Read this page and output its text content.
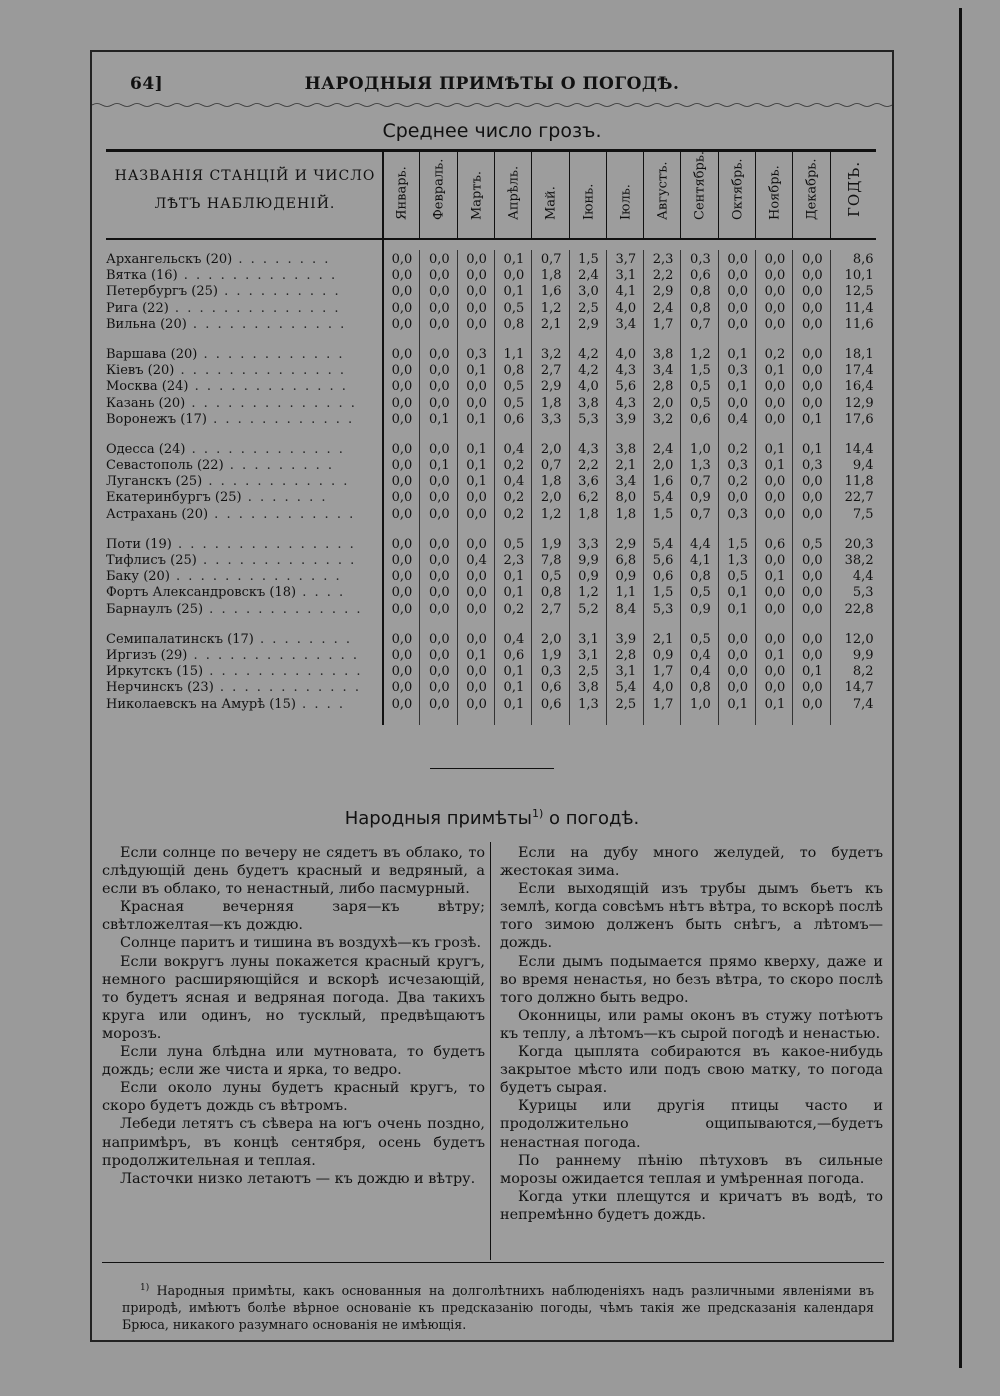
64]	НАРОДНЫЯ ПРИМѢТЫ О ПОГОДѢ.
Среднее число грозъ.
НАЗВАНІЯ СТАНЦІЙ И ЧИСЛО
ЛѢТЪ НАБЛЮДЕНІЙ.	Январь. Февраль. Мартъ. Апрѣль. Май. Іюнь. Іюль. Августъ. Сентябрь. Октябрь. Ноябрь. Декабрь. ГОДЪ.
Архангельскъ (20) . . . . . . . .	0,0	0,0	0,0	0,1	0,7	1,5	3,7	2,3	0,3	0,0	0,0	0,0	8,6
Вятка (16) . . . . . . . . . . . . .	0,0	0,0	0,0	0,0	1,8	2,4	3,1	2,2	0,6	0,0	0,0	0,0	10,1
Петербургъ (25) . . . . . . . . . .	0,0	0,0	0,0	0,1	1,6	3,0	4,1	2,9	0,8	0,0	0,0	0,0	12,5
Рига (22) . . . . . . . . . . . . . .	0,0	0,0	0,0	0,5	1,2	2,5	4,0	2,4	0,8	0,0	0,0	0,0	11,4
Вильна (20) . . . . . . . . . . . . .	0,0	0,0	0,0	0,8	2,1	2,9	3,4	1,7	0,7	0,0	0,0	0,0	11,6
Варшава (20) . . . . . . . . . . . .	0,0	0,0	0,3	1,1	3,2	4,2	4,0	3,8	1,2	0,1	0,2	0,0	18,1
Кіевъ (20) . . . . . . . . . . . . . .	0,0	0,0	0,1	0,8	2,7	4,2	4,3	3,4	1,5	0,3	0,1	0,0	17,4
Москва (24) . . . . . . . . . . . . .	0,0	0,0	0,0	0,5	2,9	4,0	5,6	2,8	0,5	0,1	0,0	0,0	16,4
Казань (20) . . . . . . . . . . . . . .	0,0	0,0	0,0	0,5	1,8	3,8	4,3	2,0	0,5	0,0	0,0	0,0	12,9
Воронежъ (17) . . . . . . . . . . . .	0,0	0,1	0,1	0,6	3,3	5,3	3,9	3,2	0,6	0,4	0,0	0,1	17,6
Одесса (24) . . . . . . . . . . . . .	0,0	0,0	0,1	0,4	2,0	4,3	3,8	2,4	1,0	0,2	0,1	0,1	14,4
Севастополь (22) . . . . . . . . .	0,0	0,1	0,1	0,2	0,7	2,2	2,1	2,0	1,3	0,3	0,1	0,3	9,4
Луганскъ (25) . . . . . . . . . . . .	0,0	0,0	0,1	0,4	1,8	3,6	3,4	1,6	0,7	0,2	0,0	0,0	11,8
Екатеринбургъ (25) . . . . . . .	0,0	0,0	0,0	0,2	2,0	6,2	8,0	5,4	0,9	0,0	0,0	0,0	22,7
Астрахань (20) . . . . . . . . . . . .	0,0	0,0	0,0	0,2	1,2	1,8	1,8	1,5	0,7	0,3	0,0	0,0	7,5
Поти (19) . . . . . . . . . . . . . . .	0,0	0,0	0,0	0,5	1,9	3,3	2,9	5,4	4,4	1,5	0,6	0,5	20,3
Тифлисъ (25) . . . . . . . . . . . . .	0,0	0,0	0,4	2,3	7,8	9,9	6,8	5,6	4,1	1,3	0,0	0,0	38,2
Баку (20) . . . . . . . . . . . . . .	0,0	0,0	0,0	0,1	0,5	0,9	0,9	0,6	0,8	0,5	0,1	0,0	4,4
Фортъ Александровскъ (18) . . . .	0,0	0,0	0,0	0,1	0,8	1,2	1,1	1,5	0,5	0,1	0,0	0,0	5,3
Барнаулъ (25) . . . . . . . . . . . . .	0,0	0,0	0,0	0,2	2,7	5,2	8,4	5,3	0,9	0,1	0,0	0,0	22,8
Семипалатинскъ (17) . . . . . . . .	0,0	0,0	0,0	0,4	2,0	3,1	3,9	2,1	0,5	0,0	0,0	0,0	12,0
Иргизъ (29) . . . . . . . . . . . . . .	0,0	0,0	0,1	0,6	1,9	3,1	2,8	0,9	0,4	0,0	0,1	0,0	9,9
Иркутскъ (15) . . . . . . . . . . . . .	0,0	0,0	0,0	0,1	0,3	2,5	3,1	1,7	0,4	0,0	0,0	0,1	8,2
Нерчинскъ (23) . . . . . . . . . . . .	0,0	0,0	0,0	0,1	0,6	3,8	5,4	4,0	0,8	0,0	0,0	0,0	14,7
Николаевскъ на Амурѣ (15) . . . .	0,0	0,0	0,0	0,1	0,6	1,3	2,5	1,7	1,0	0,1	0,1	0,0	7,4
Народныя примѣты$^{1)}$ о погодѣ.

Если солнце по вечеру не сядетъ въ облако, то слѣдующій день будетъ красный и ведряный, а если въ облако, то ненастный, либо пасмурный.

Красная вечерняя заря—къ вѣтру; свѣтложелтая—къ дождю.

Солнце паритъ и тишина въ воздухѣ—къ грозѣ.

Если вокругъ луны покажется красный кругъ, немного расширяющійся и вскорѣ исчезающій, то будетъ ясная и ведряная погода. Два такихъ круга или одинъ, но тусклый, предвѣщаютъ морозъ.

Если луна блѣдна или мутновата, то будетъ дождь; если же чиста и ярка, то ведро.

Если около луны будетъ красный кругъ, то скоро будетъ дождь съ вѣтромъ.

Лебеди летятъ съ сѣвера на югъ очень поздно, напримѣръ, въ концѣ сентября, осень будетъ продолжительная и теплая.

Ласточки низко летаютъ — къ дождю и вѣтру.

Если на дубу много желудей, то будетъ жестокая зима.

Если выходящій изъ трубы дымъ бьетъ къ землѣ, когда совсѣмъ нѣтъ вѣтра, то вскорѣ послѣ того зимою долженъ быть снѣгъ, а лѣтомъ—дождь.

Если дымъ подымается прямо кверху, даже и во время ненастья, но безъ вѣтра, то скоро послѣ того должно быть ведро.

Оконницы, или рамы оконъ въ стужу потѣютъ къ теплу, а лѣтомъ—къ сырой погодѣ и ненастью.

Когда цыплята собираются въ какое-нибудь закрытое мѣсто или подъ свою матку, то погода будетъ сырая.

Курицы или другія птицы часто и продолжительно ощипываются,—будетъ ненастная погода.

По раннему пѣнію пѣтуховъ въ сильные морозы ожидается теплая и умѣренная погода.

Когда утки плещутся и кричатъ въ водѣ, то непремѣнно будетъ дождь.

$^{1)}$ Народныя примѣты, какъ основанныя на долголѣтнихъ наблюденіяхъ надъ различными явленіями въ природѣ, имѣютъ болѣе вѣрное основаніе къ предсказанію погоды, чѣмъ такія же предсказанія календаря Брюса, никакого разумнаго основанія не имѣющія.
